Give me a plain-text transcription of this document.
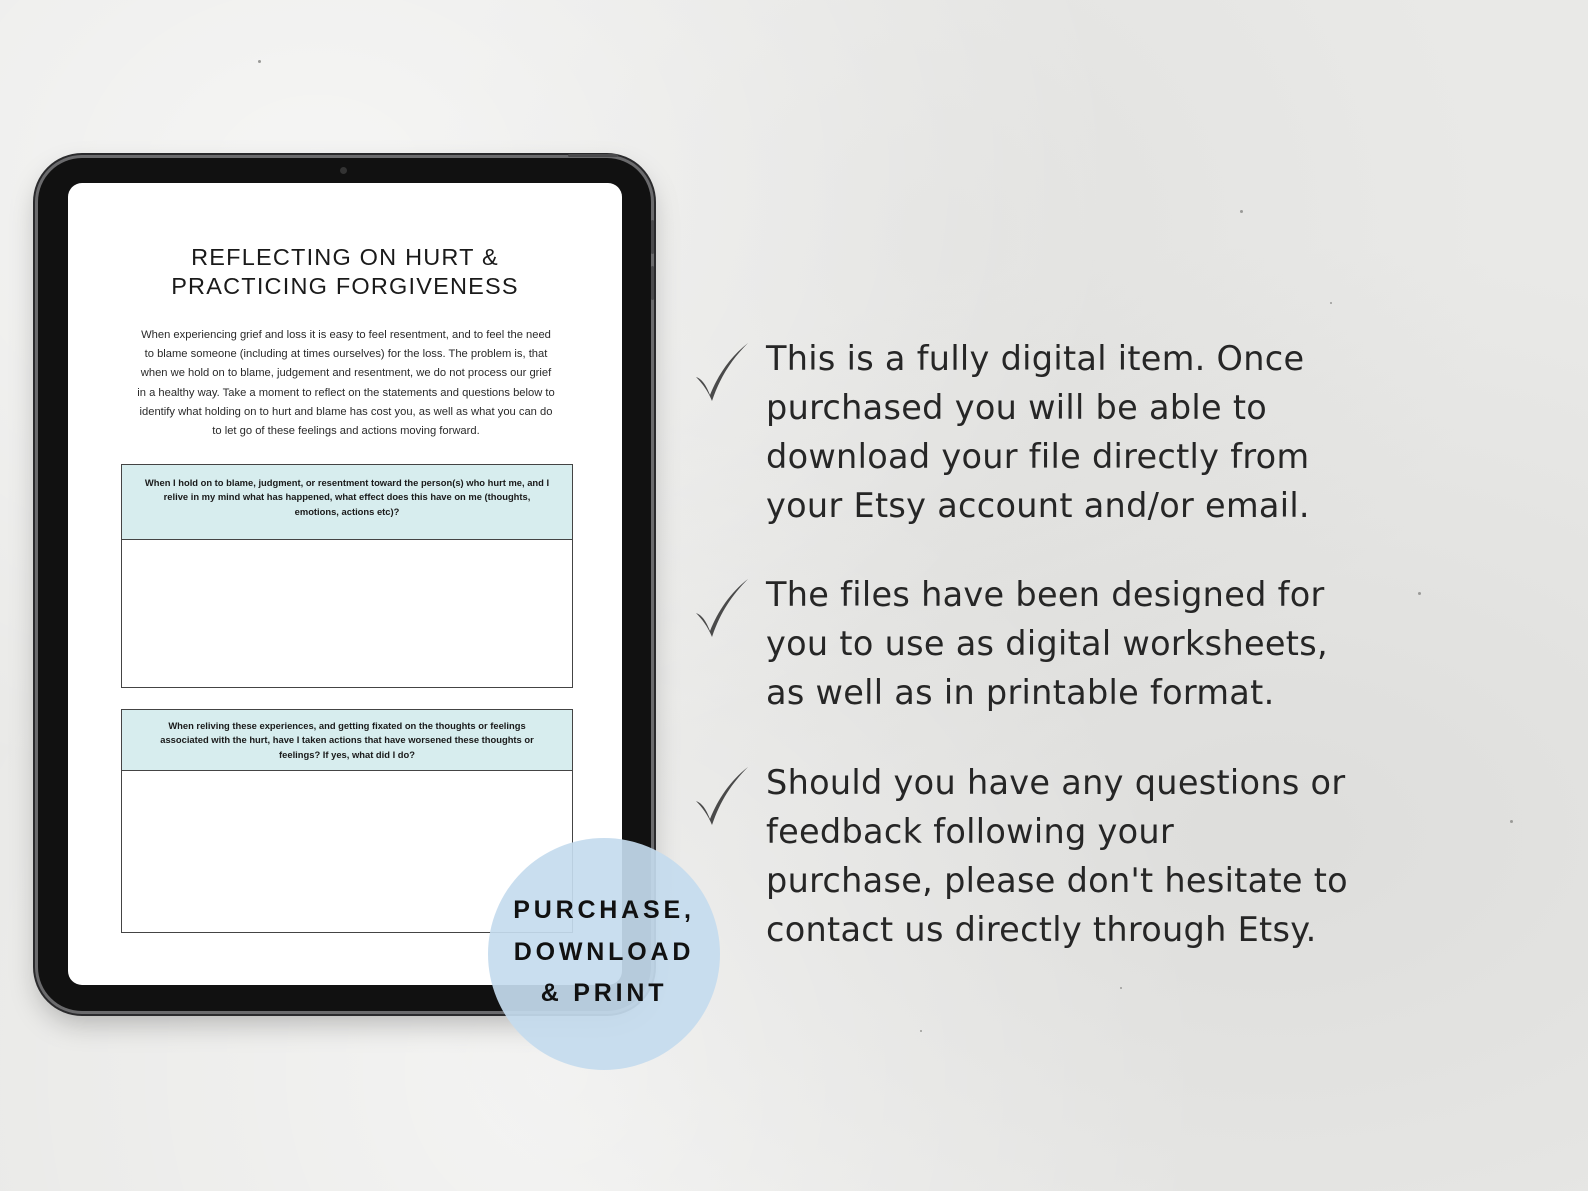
REFLECTING ON HURT &
PRACTICING FORGIVENESS
When experiencing grief and loss it is easy to feel resentment, and to feel the need
to blame someone (including at times ourselves) for the loss. The problem is, that
when we hold on to blame, judgement and resentment, we do not process our grief
in a healthy way. Take a moment to reflect on the statements and questions below to
identify what holding on to hurt and blame has cost you, as well as what you can do
to let go of these feelings and actions moving forward.
When I hold on to blame, judgment, or resentment toward the person(s) who hurt me, and I
relive in my mind what has happened, what effect does this have on me (thoughts,
emotions, actions etc)?
When reliving these experiences, and getting fixated on the thoughts or feelings
associated with the hurt, have I taken actions that have worsened these thoughts or
feelings? If yes, what did I do?
PURCHASE,
DOWNLOAD
& PRINT
This is a fully digital item. Once
purchased you will be able to
download your file directly from
your Etsy account and/or email.
The files have been designed for
you to use as digital worksheets,
as well as in printable format.
Should you have any questions or
feedback following your
purchase, please don't hesitate to
contact us directly through Etsy.
